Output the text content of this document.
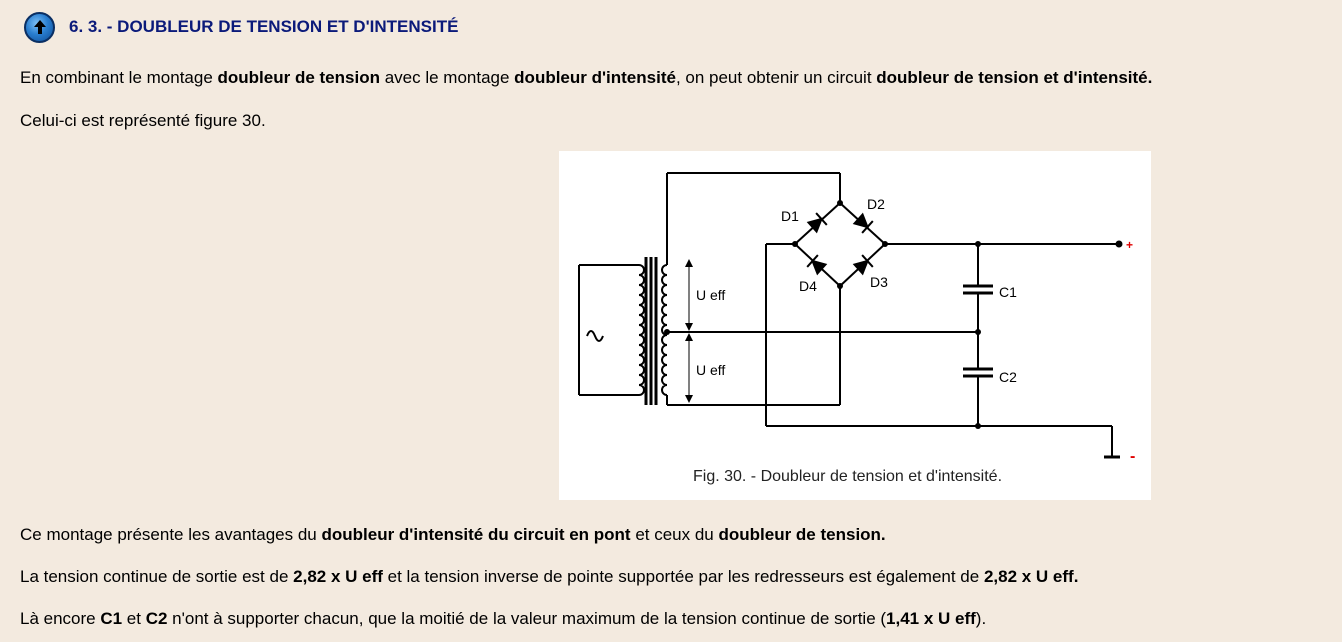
6. 3. - DOUBLEUR DE TENSION ET D'INTENSITÉ

En combinant le montage doubleur de tension avec le montage doubleur d'intensité, on peut obtenir un circuit doubleur de tension et d'intensité.

Celui-ci est représenté figure 30.

D1
D2
D3
D4	C1
C2
U eff
U eff
+
-
Fig. 30. - Doubleur de tension et d'intensité.

Ce montage présente les avantages du doubleur d'intensité du circuit en pont et ceux du doubleur de tension.

La tension continue de sortie est de 2,82 x U eff et la tension inverse de pointe supportée par les redresseurs est également de 2,82 x U eff.

Là encore C1 et C2 n'ont à supporter chacun, que la moitié de la valeur maximum de la tension continue de sortie (1,41 x U eff).
